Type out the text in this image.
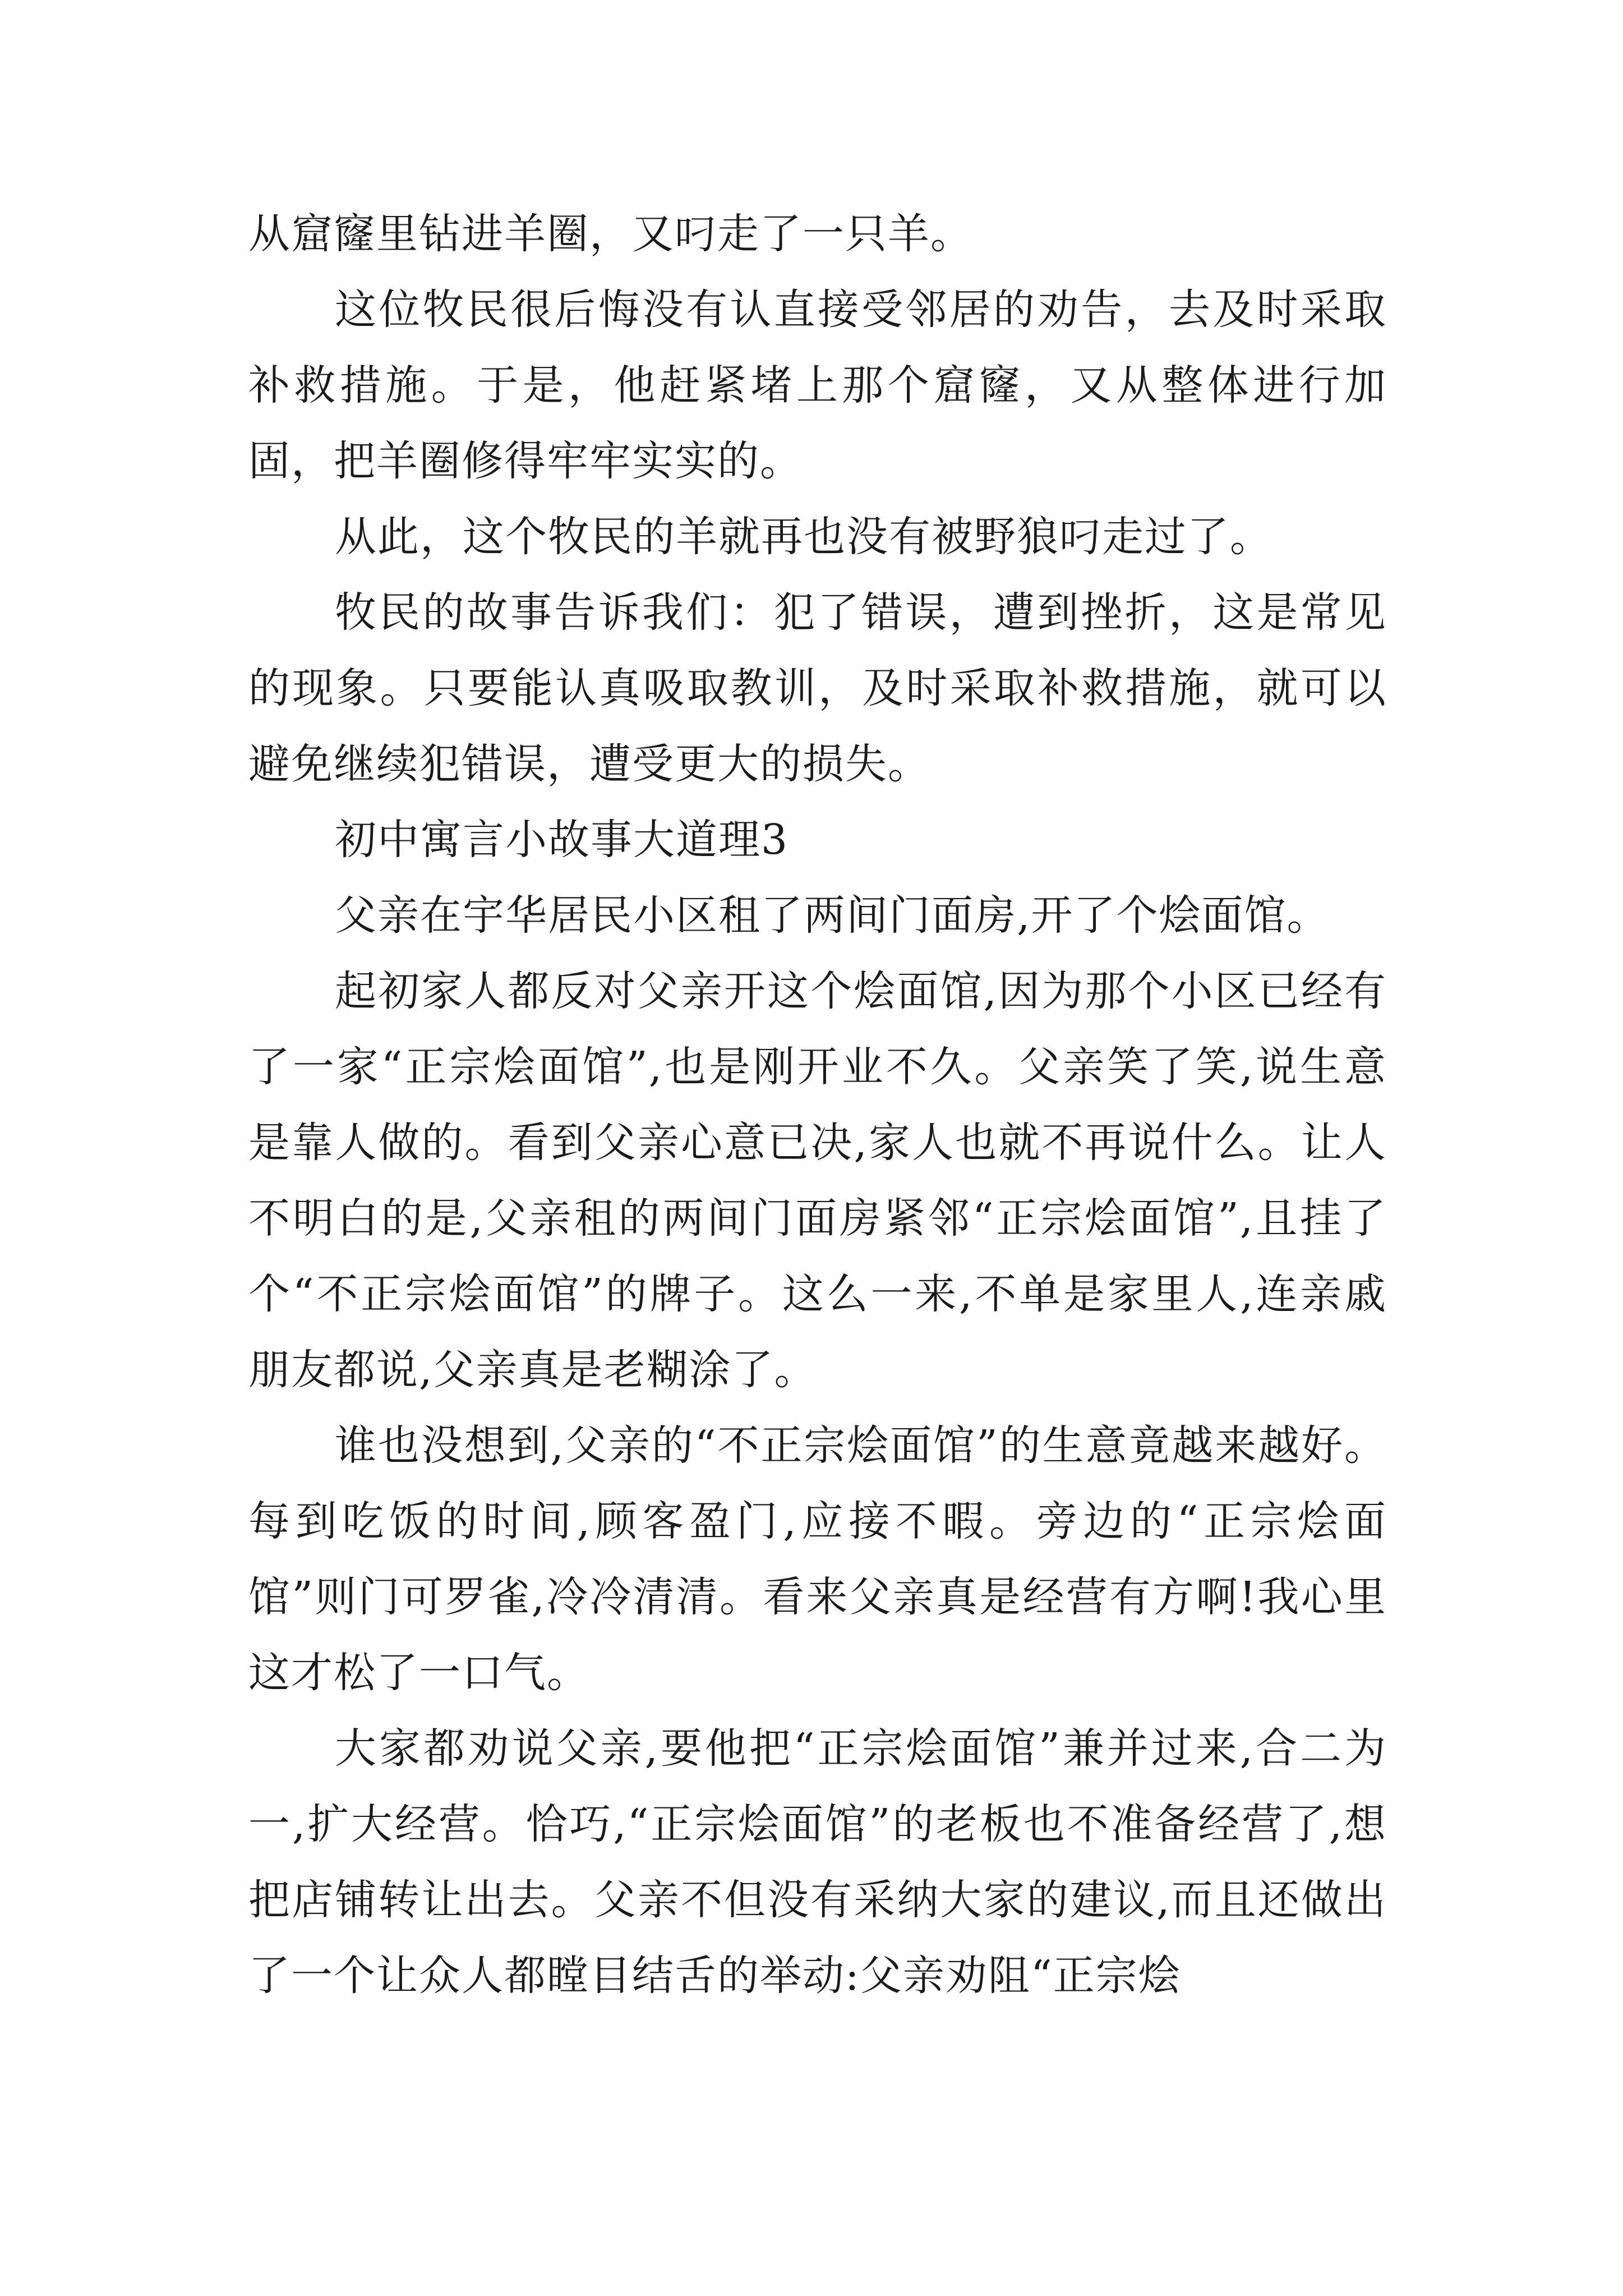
从窟窿里钻进羊圈，又叼走了一只羊。

这位牧民很后悔没有认直接受邻居的劝告，去及时采取补救措施。于是，他赶紧堵上那个窟窿，又从整体进行加固，把羊圈修得牢牢实实的。

从此，这个牧民的羊就再也没有被野狼叼走过了。

牧民的故事告诉我们：犯了错误，遭到挫折，这是常见的现象。只要能认真吸取教训，及时采取补救措施，就可以避免继续犯错误，遭受更大的损失。

初中寓言小故事大道理3

父亲在宇华居民小区租了两间门面房,开了个烩面馆。

起初家人都反对父亲开这个烩面馆,因为那个小区已经有了一家“正宗烩面馆”,也是刚开业不久。父亲笑了笑,说生意是靠人做的。看到父亲心意已决,家人也就不再说什么。让人不明白的是,父亲租的两间门面房紧邻“正宗烩面馆”,且挂了个“不正宗烩面馆”的牌子。这么一来,不单是家里人,连亲戚朋友都说,父亲真是老糊涂了。

谁也没想到,父亲的“不正宗烩面馆”的生意竟越来越好。每到吃饭的时间,顾客盈门,应接不暇。旁边的“正宗烩面馆”则门可罗雀,冷冷清清。看来父亲真是经营有方啊!我心里这才松了一口气。

大家都劝说父亲,要他把“正宗烩面馆”兼并过来,合二为一,扩大经营。恰巧,“正宗烩面馆”的老板也不准备经营了,想把店铺转让出去。父亲不但没有采纳大家的建议,而且还做出了一个让众人都瞠目结舌的举动:父亲劝阻“正宗烩
